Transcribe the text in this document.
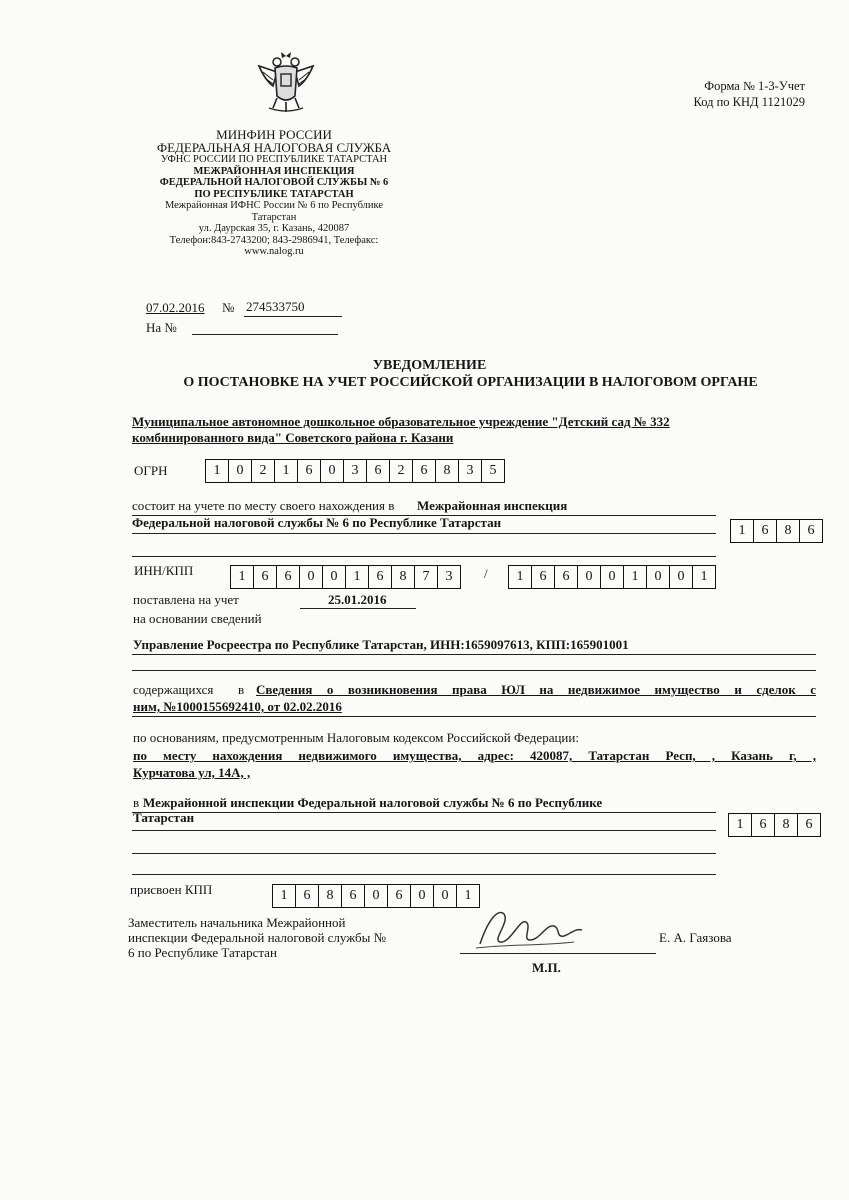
МИНФИН РОССИИ
ФЕДЕРАЛЬНАЯ НАЛОГОВАЯ СЛУЖБА
УФНС РОССИИ ПО РЕСПУБЛИКЕ ТАТАРСТАН
МЕЖРАЙОННАЯ ИНСПЕКЦИЯ
ФЕДЕРАЛЬНОЙ НАЛОГОВОЙ СЛУЖБЫ № 6
ПО РЕСПУБЛИКЕ ТАТАРСТАН
Межрайонная ИФНС России № 6 по Республике
Татарстан
ул. Даурская 35, г. Казань, 420087
Телефон:843-2743200; 843-2986941, Телефакс:
www.nalog.ru
Форма № 1-3-Учет
Код по КНД 1121029
07.02.2016 № 274533750
На №
УВЕДОМЛЕНИЕ
О ПОСТАНОВКЕ НА УЧЕТ РОССИЙСКОЙ ОРГАНИЗАЦИИ В НАЛОГОВОМ ОРГАНЕ
Муниципальное автономное дошкольное образовательное учреждение "Детский сад № 332
комбинированного вида" Советского района г. Казани
ОГРН	1	0	2	1	6	0	3	6	2	6	8	3	5
состоит на учете по месту своего нахождения в Межрайонная инспекция
Федеральной налоговой службы № 6 по Республике Татарстан
1	6	8	6
ИНН/КПП	1	6	6	0	0	1	6	8	7	3	/	1	6	6	0	0	1	0	0	1
поставлена на учет	25.01.2016
на основании сведений
Управление Росреестра по Республике Татарстан, ИНН:1659097613, КПП:165901001
содержащихся в Сведения о возникновения права ЮЛ на недвижимое имущество и сделок с
ним, №1000155692410, от 02.02.2016
по основаниям, предусмотренным Налоговым кодексом Российской Федерации:
по месту нахождения недвижимого имущества, адрес: 420087, Татарстан Респ, , Казань г, ,
Курчатова ул, 14А, ,
в Межрайонной инспекции Федеральной налоговой службы № 6 по Республике
Татарстан	1	6	8	6
присвоен КПП	1	6	8	6	0	6	0	0	1
Заместитель начальника Межрайонной
инспекции Федеральной налоговой службы №
6 по Республике Татарстан
Е. А. Гаязова
М.П.
